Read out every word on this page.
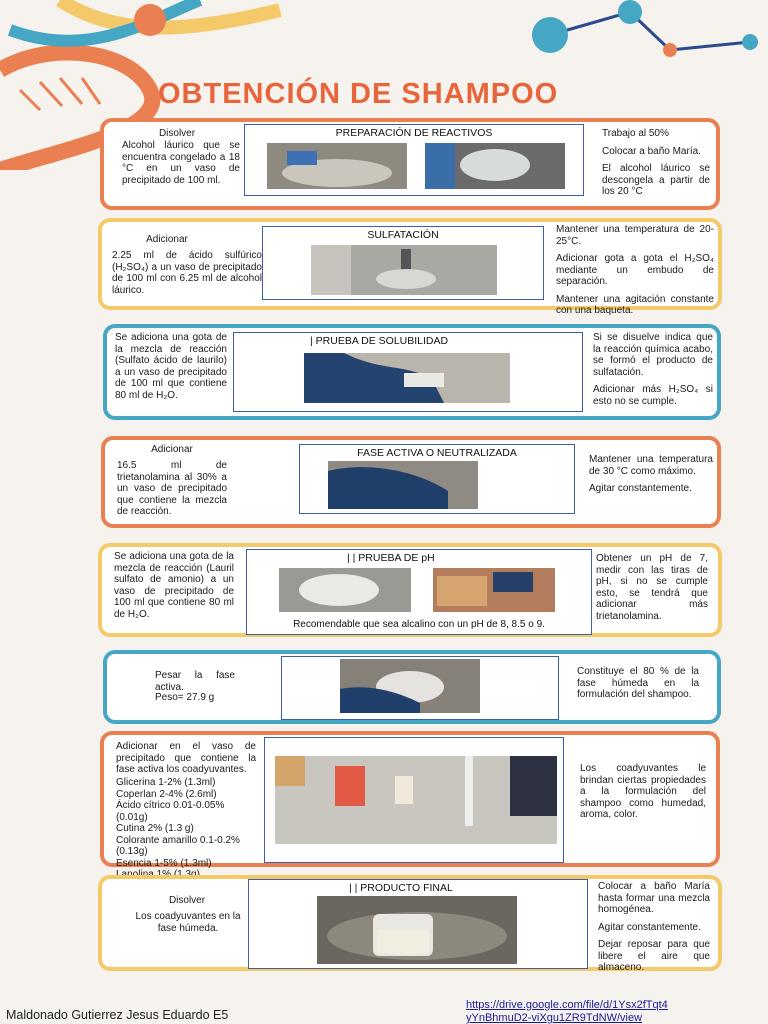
OBTENCIÓN DE SHAMPOO
Disolver
Alcohol láurico que se encuentra congelado a 18 °C en un vaso de precipitado de 100 ml.
PREPARACIÓN DE REACTIVOS	Trabajo al 50%

Colocar a baño María.

El alcohol láurico se descongela a partir de los 20 °C

Adicionar
2.25 ml de ácido sulfúrico (H₂SO₄) a un vaso de precipitado de 100 ml con 6.25 ml de alcohol láurico.
SULFATACIÓN	Mantener una temperatura de 20-25°C.

Adicionar gota a gota el H₂SO₄ mediante un embudo de separación.

Mantener una agitación constante con una baqueta.

Se adiciona una gota de la mezcla de reacción (Sulfato ácido de laurilo) a un vaso de precipitado de 100 ml que contiene 80 ml de H₂O.
| PRUEBA DE SOLUBILIDAD	Si se disuelve indica que la reacción química acabo, se formó el producto de sulfatación.

Adicionar más H₂SO₄ si esto no se cumple.

Adicionar
16.5 ml de trietanolamina al 30% a un vaso de precipitado que contiene la mezcla de reacción.
FASE ACTIVA O NEUTRALIZADA

Mantener una temperatura de 30 °C como máximo.

Agitar constantemente.

Se adiciona una gota de la mezcla de reacción (Lauril sulfato de amonio) a un vaso de precipitado de 100 ml que contiene 80 ml de H₂O.
| | PRUEBA DE pH
Recomendable que sea alcalino con un pH de 8, 8.5 o 9.

Obtener un pH de 7, medir con las tiras de pH, si no se cumple esto, se tendrá que adicionar más trietanolamina.

Pesar la fase activa.
Peso= 27.9 g

Constituye el 80 % de la fase húmeda en la formulación del shampoo.

Adicionar en el vaso de precipitado que contiene la fase activa los coadyuvantes.
Glicerina 1-2% (1.3ml)
Coperlan 2-4% (2.6ml)
Ácido cítrico 0.01-0.05% (0.01g)
Cutina 2% (1.3 g)
Colorante amarillo 0.1-0.2% (0.13g)
Esencia 1-5% (1.3ml)

Los coadyuvantes le brindan ciertas propiedades a la formulación del shampoo como humedad, aroma, color.

Disolver
Los coadyuvantes en la fase húmeda.
| | PRODUCTO FINAL	Colocar a baño María hasta formar una mezcla homogénea.

Agitar constantemente.

Dejar reposar para que libere el aire que almaceno.

Maldonado Gutierrez Jesus Eduardo E5
https://drive.google.com/file/d/1Ysx2fTqt4
yYnBhmuD2-viXgu1ZR9TdNW/view
